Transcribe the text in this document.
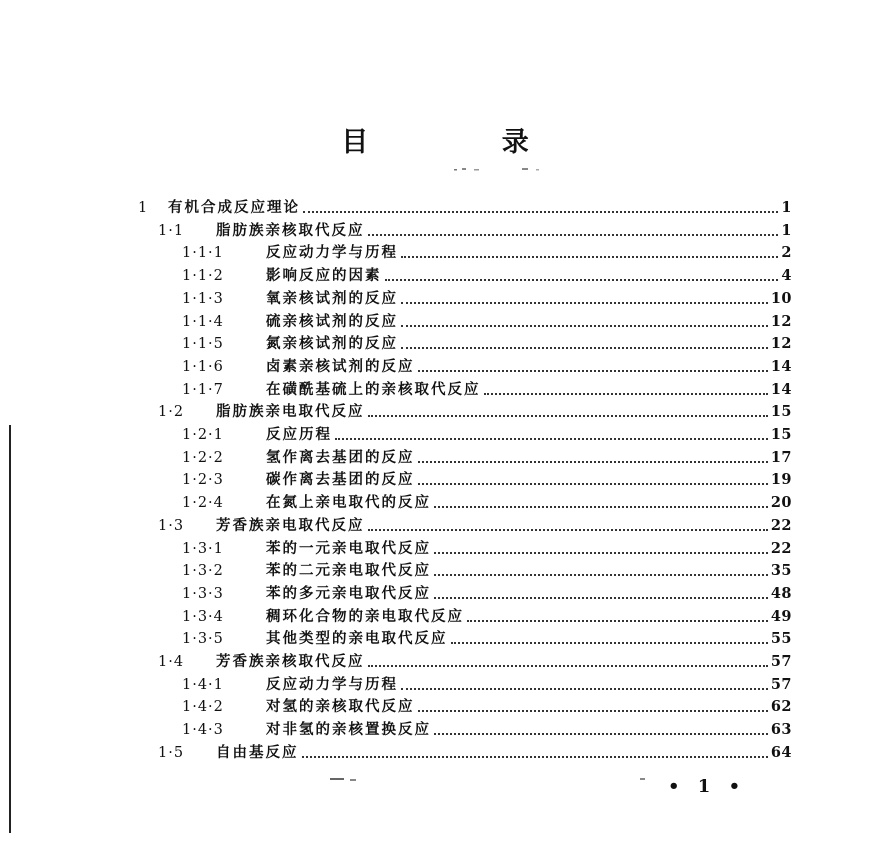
目 录
1	有机合成反应理论	1
1·1	脂肪族亲核取代反应	1
1·1·1	反应动力学与历程	2
1·1·2	影响反应的因素	4
1·1·3	氧亲核试剂的反应	10
1·1·4	硫亲核试剂的反应	12
1·1·5	氮亲核试剂的反应	12
1·1·6	卤素亲核试剂的反应	14
1·1·7	在磺酰基硫上的亲核取代反应	14
1·2	脂肪族亲电取代反应	15
1·2·1	反应历程	15
1·2·2	氢作离去基团的反应	17
1·2·3	碳作离去基团的反应	19
1·2·4	在氮上亲电取代的反应	20
1·3	芳香族亲电取代反应	22
1·3·1	苯的一元亲电取代反应	22
1·3·2	苯的二元亲电取代反应	35
1·3·3	苯的多元亲电取代反应	48
1·3·4	稠环化合物的亲电取代反应	49
1·3·5	其他类型的亲电取代反应	55
1·4	芳香族亲核取代反应	57
1·4·1	反应动力学与历程	57
1·4·2	对氢的亲核取代反应	62
1·4·3	对非氢的亲核置换反应	63
1·5	自由基反应	64
• 1 •
